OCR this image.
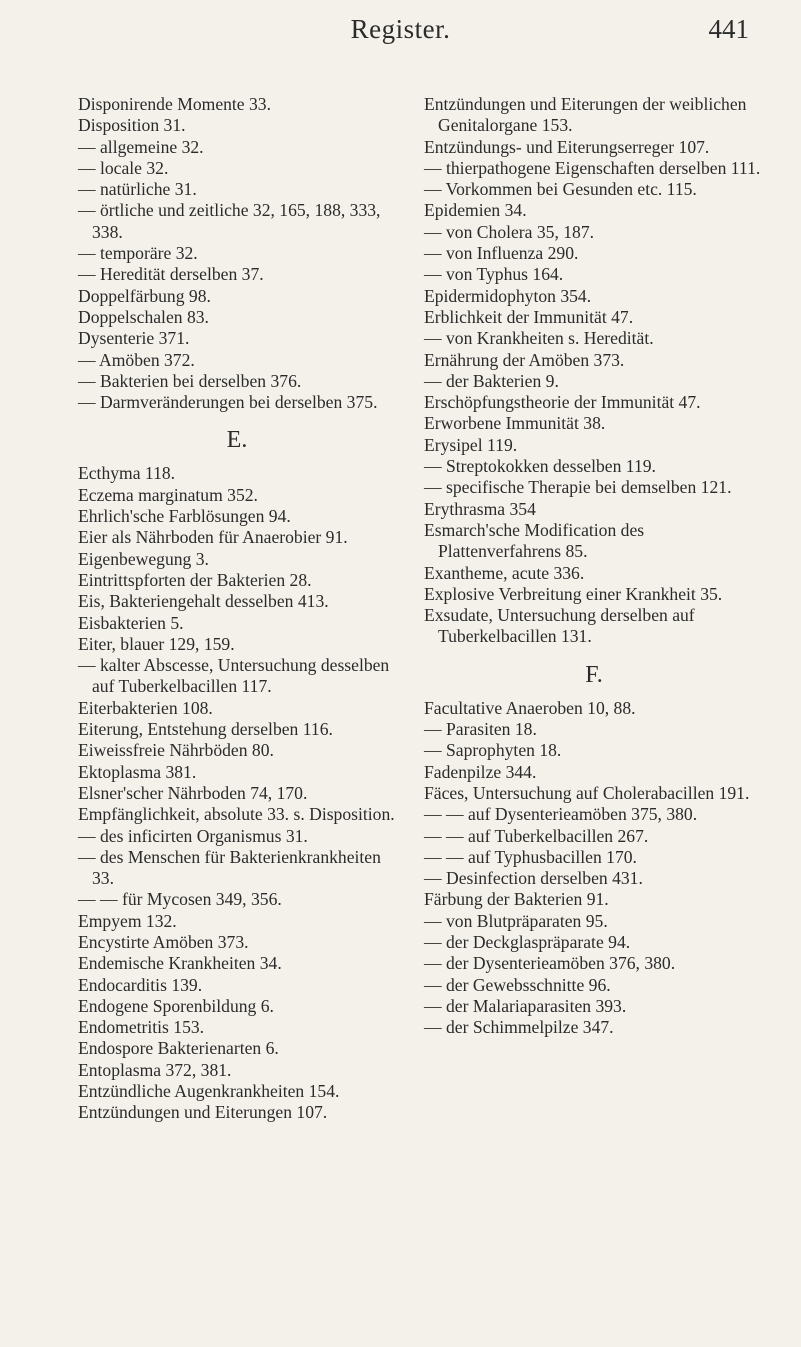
Register.	441
Disponirende Momente 33.
Disposition 31.
— allgemeine 32.
— locale 32.
— natürliche 31.
— örtliche und zeitliche 32, 165, 188, 333, 338.
— temporäre 32.
— Heredität derselben 37.
Doppelfärbung 98.
Doppelschalen 83.
Dysenterie 371.
— Amöben 372.
— Bakterien bei derselben 376.
— Darmveränderungen bei derselben 375.
E.
Ecthyma 118.
Eczema marginatum 352.
Ehrlich'sche Farblösungen 94.
Eier als Nährboden für Anaerobier 91.
Eigenbewegung 3.
Eintrittspforten der Bakterien 28.
Eis, Bakteriengehalt desselben 413.
Eisbakterien 5.
Eiter, blauer 129, 159.
— kalter Abscesse, Untersuchung desselben auf Tuberkelbacillen 117.
Eiterbakterien 108.
Eiterung, Entstehung derselben 116.
Eiweissfreie Nährböden 80.
Ektoplasma 381.
Elsner'scher Nährboden 74, 170.
Empfänglichkeit, absolute 33. s. Disposition.
— des inficirten Organismus 31.
— des Menschen für Bakterienkrankheiten 33.
— — für Mycosen 349, 356.
Empyem 132.
Encystirte Amöben 373.
Endemische Krankheiten 34.
Endocarditis 139.
Endogene Sporenbildung 6.
Endometritis 153.
Endospore Bakterienarten 6.
Entoplasma 372, 381.
Entzündliche Augenkrankheiten 154.
Entzündungen und Eiterungen 107.
Entzündungen und Eiterungen der weiblichen Genitalorgane 153.
Entzündungs- und Eiterungserreger 107.
— thierpathogene Eigenschaften derselben 111.
— Vorkommen bei Gesunden etc. 115.
Epidemien 34.
— von Cholera 35, 187.
— von Influenza 290.
— von Typhus 164.
Epidermidophyton 354.
Erblichkeit der Immunität 47.
— von Krankheiten s. Heredität.
Ernährung der Amöben 373.
— der Bakterien 9.
Erschöpfungstheorie der Immunität 47.
Erworbene Immunität 38.
Erysipel 119.
— Streptokokken desselben 119.
— specifische Therapie bei demselben 121.
Erythrasma 354
Esmarch'sche Modification des Plattenverfahrens 85.
Exantheme, acute 336.
Explosive Verbreitung einer Krankheit 35.
Exsudate, Untersuchung derselben auf Tuberkelbacillen 131.
F.
Facultative Anaeroben 10, 88.
— Parasiten 18.
— Saprophyten 18.
Fadenpilze 344.
Fäces, Untersuchung auf Cholerabacillen 191.
— — auf Dysenterieamöben 375, 380.
— — auf Tuberkelbacillen 267.
— — auf Typhusbacillen 170.
— Desinfection derselben 431.
Färbung der Bakterien 91.
— von Blutpräparaten 95.
— der Deckglaspräparate 94.
— der Dysenterieamöben 376, 380.
— der Gewebsschnitte 96.
— der Malariaparasiten 393.
— der Schimmelpilze 347.
